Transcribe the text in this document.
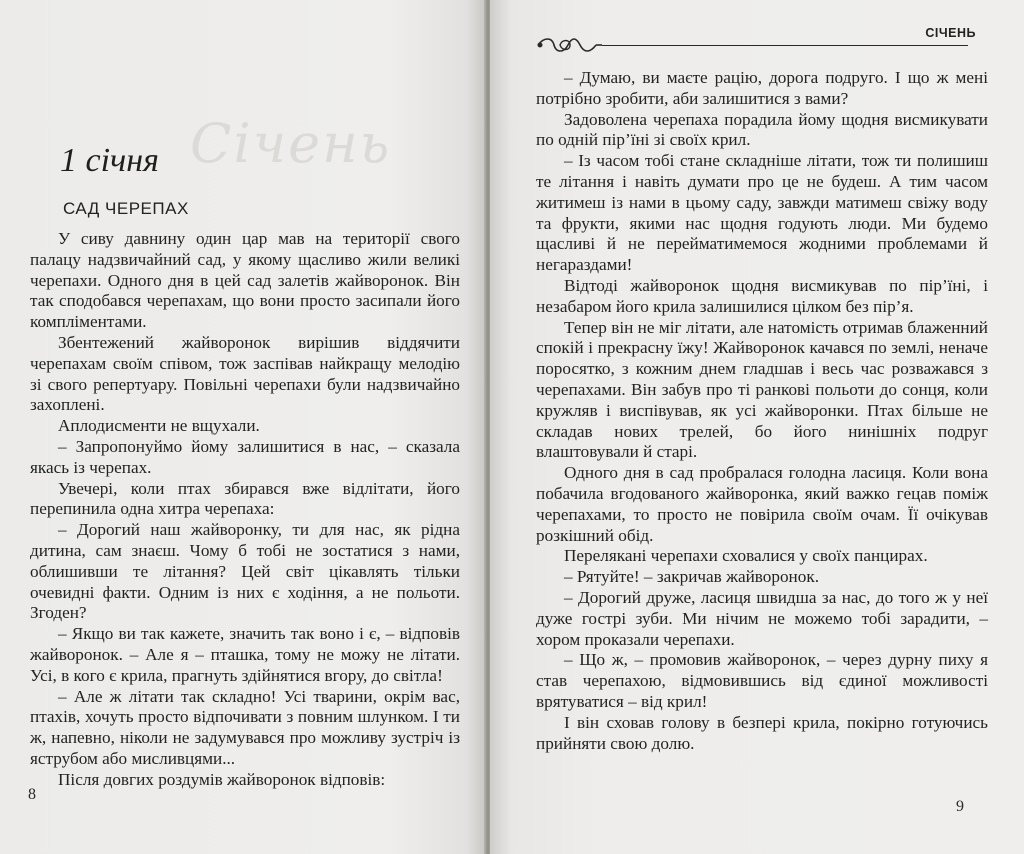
Січень
1 січня
САД ЧЕРЕПАХ

У сиву давнину один цар мав на території свого палацу надзвичайний сад, у якому щасливо жили великі черепахи. Одного дня в цей сад залетів жайворонок. Він так сподобався черепахам, що вони просто засипали його компліментами.

Збентежений жайворонок вирішив віддячити черепахам своїм співом, тож заспівав найкращу мелодію зі свого репертуару. Повільні черепахи були надзвичайно захоплені.

Аплодисменти не вщухали.

– Запропонуймо йому залишитися в нас, – сказала якась із черепах.

Увечері, коли птах збирався вже відлітати, його перепинила одна хитра черепаха:

– Дорогий наш жайворонку, ти для нас, як рідна дитина, сам знаєш. Чому б тобі не зостатися з нами, облишивши те літання? Цей світ цікавлять тільки очевидні факти. Одним із них є ходіння, а не польоти. Згоден?

– Якщо ви так кажете, значить так воно і є, – відповів жайворонок. – Але я – пташка, тому не можу не літати. Усі, в кого є крила, прагнуть здійнятися вгору, до світла!

– Але ж літати так складно! Усі тварини, окрім вас, птахів, хочуть просто відпочивати з повним шлунком. І ти ж, напевно, ніколи не задумувався про можливу зустріч із яструбом або мисливцями...

Після довгих роздумів жайворонок відповів:

8
СІЧЕНЬ

– Думаю, ви маєте рацію, дорога подруго. І що ж мені потрібно зробити, аби залишитися з вами?

Задоволена черепаха порадила йому щодня висмикувати по одній пір’їні зі своїх крил.

– Із часом тобі стане складніше літати, тож ти полишиш те літання і навіть думати про це не будеш. А тим часом житимеш із нами в цьому саду, завжди матимеш свіжу воду та фрукти, якими нас щодня годують люди. Ми будемо щасливі й не перейматимемося жодними проблемами й негараздами!

Відтоді жайворонок щодня висмикував по пір’їні, і незабаром його крила залишилися цілком без пір’я.

Тепер він не міг літати, але натомість отримав блаженний спокій і прекрасну їжу! Жайворонок качався по землі, неначе поросятко, з кожним днем гладшав і весь час розважався з черепахами. Він забув про ті ранкові польоти до сонця, коли кружляв і виспівував, як усі жайворонки. Птах більше не складав нових трелей, бо його нинішніх подруг влаштовували й старі.

Одного дня в сад пробралася голодна ласиця. Коли вона побачила вгодованого жайворонка, який важко гецав поміж черепахами, то просто не повірила своїм очам. Її очікував розкішний обід.

Перелякані черепахи сховалися у своїх панцирах.

– Рятуйте! – закричав жайворонок.

– Дорогий друже, ласиця швидша за нас, до того ж у неї дуже гострі зуби. Ми нічим не можемо тобі зарадити, – хором проказали черепахи.

– Що ж, – промовив жайворонок, – через дурну пиху я став черепахою, відмовившись від єдиної можливості врятуватися – від крил!

І він сховав голову в безпері крила, покірно готуючись прийняти свою долю.

9
